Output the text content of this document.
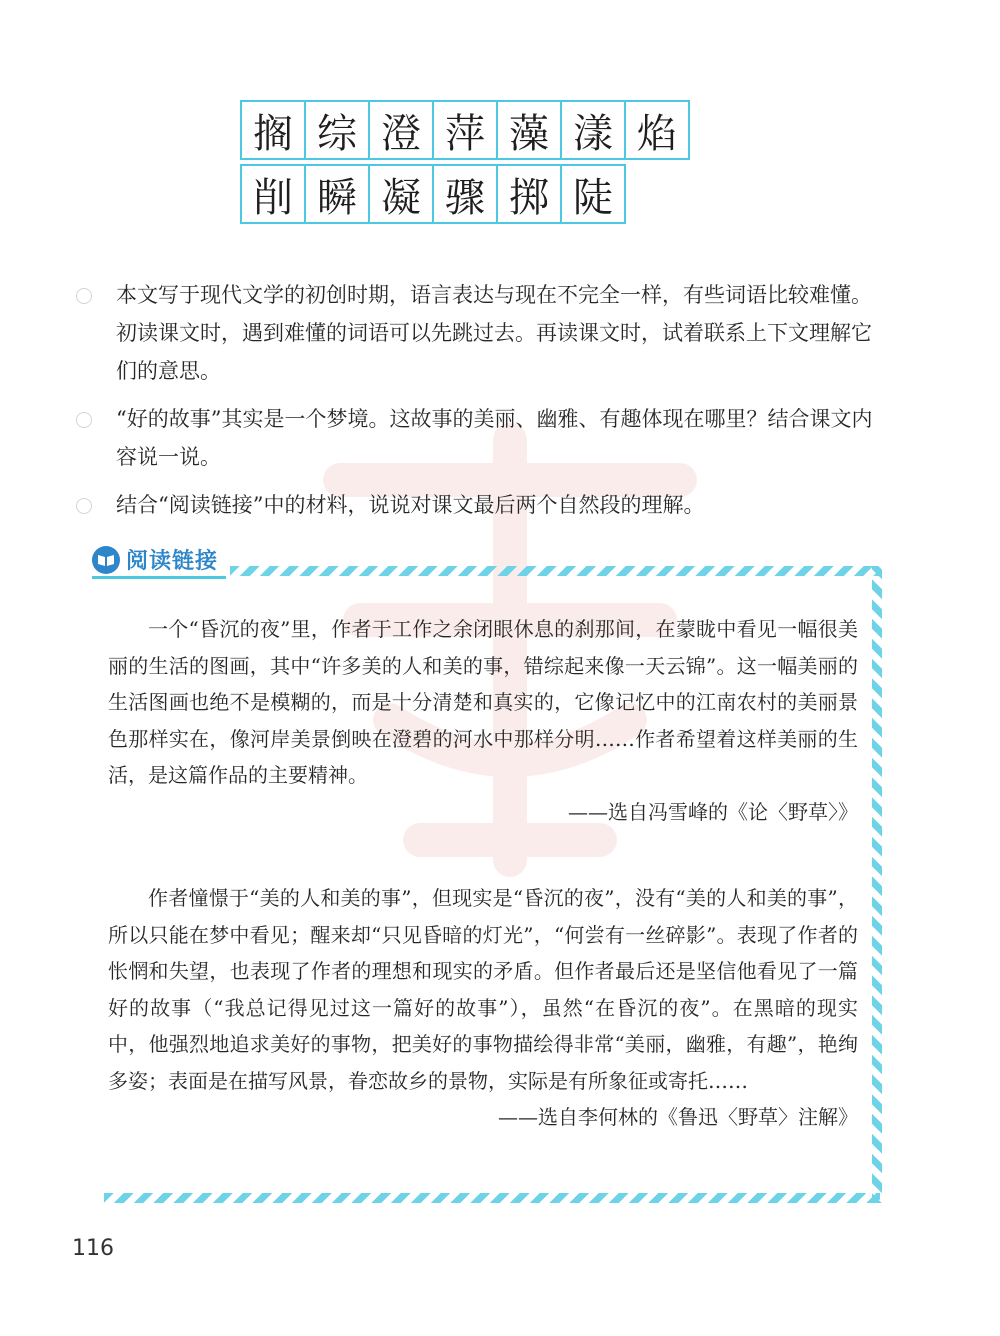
搁 综 澄 萍 藻 漾 焰
削 瞬 凝 骤 掷 陡
本文写于现代文学的初创时期，语言表达与现在不完全一样，有些词语比较难懂。初读课文时，遇到难懂的词语可以先跳过去。再读课文时，试着联系上下文理解它们的意思。
“好的故事”其实是一个梦境。这故事的美丽、幽雅、有趣体现在哪里？结合课文内容说一说。
结合“阅读链接”中的材料，说说对课文最后两个自然段的理解。
阅读链接

一个“昏沉的夜”里，作者于工作之余闭眼休息的刹那间，在蒙眬中看见一幅很美丽的生活的图画，其中“许多美的人和美的事，错综起来像一天云锦”。这一幅美丽的生活图画也绝不是模糊的，而是十分清楚和真实的，它像记忆中的江南农村的美丽景色那样实在，像河岸美景倒映在澄碧的河水中那样分明……作者希望着这样美丽的生活，是这篇作品的主要精神。

——选自冯雪峰的《论〈野草〉》

作者憧憬于“美的人和美的事”，但现实是“昏沉的夜”，没有“美的人和美的事”，所以只能在梦中看见；醒来却“只见昏暗的灯光”，“何尝有一丝碎影”。表现了作者的怅惘和失望，也表现了作者的理想和现实的矛盾。但作者最后还是坚信他看见了一篇好的故事（“我总记得见过这一篇好的故事”），虽然“在昏沉的夜”。在黑暗的现实中，他强烈地追求美好的事物，把美好的事物描绘得非常“美丽，幽雅，有趣”，艳绚多姿；表面是在描写风景，眷恋故乡的景物，实际是有所象征或寄托……

——选自李何林的《鲁迅〈野草〉注解》

116
